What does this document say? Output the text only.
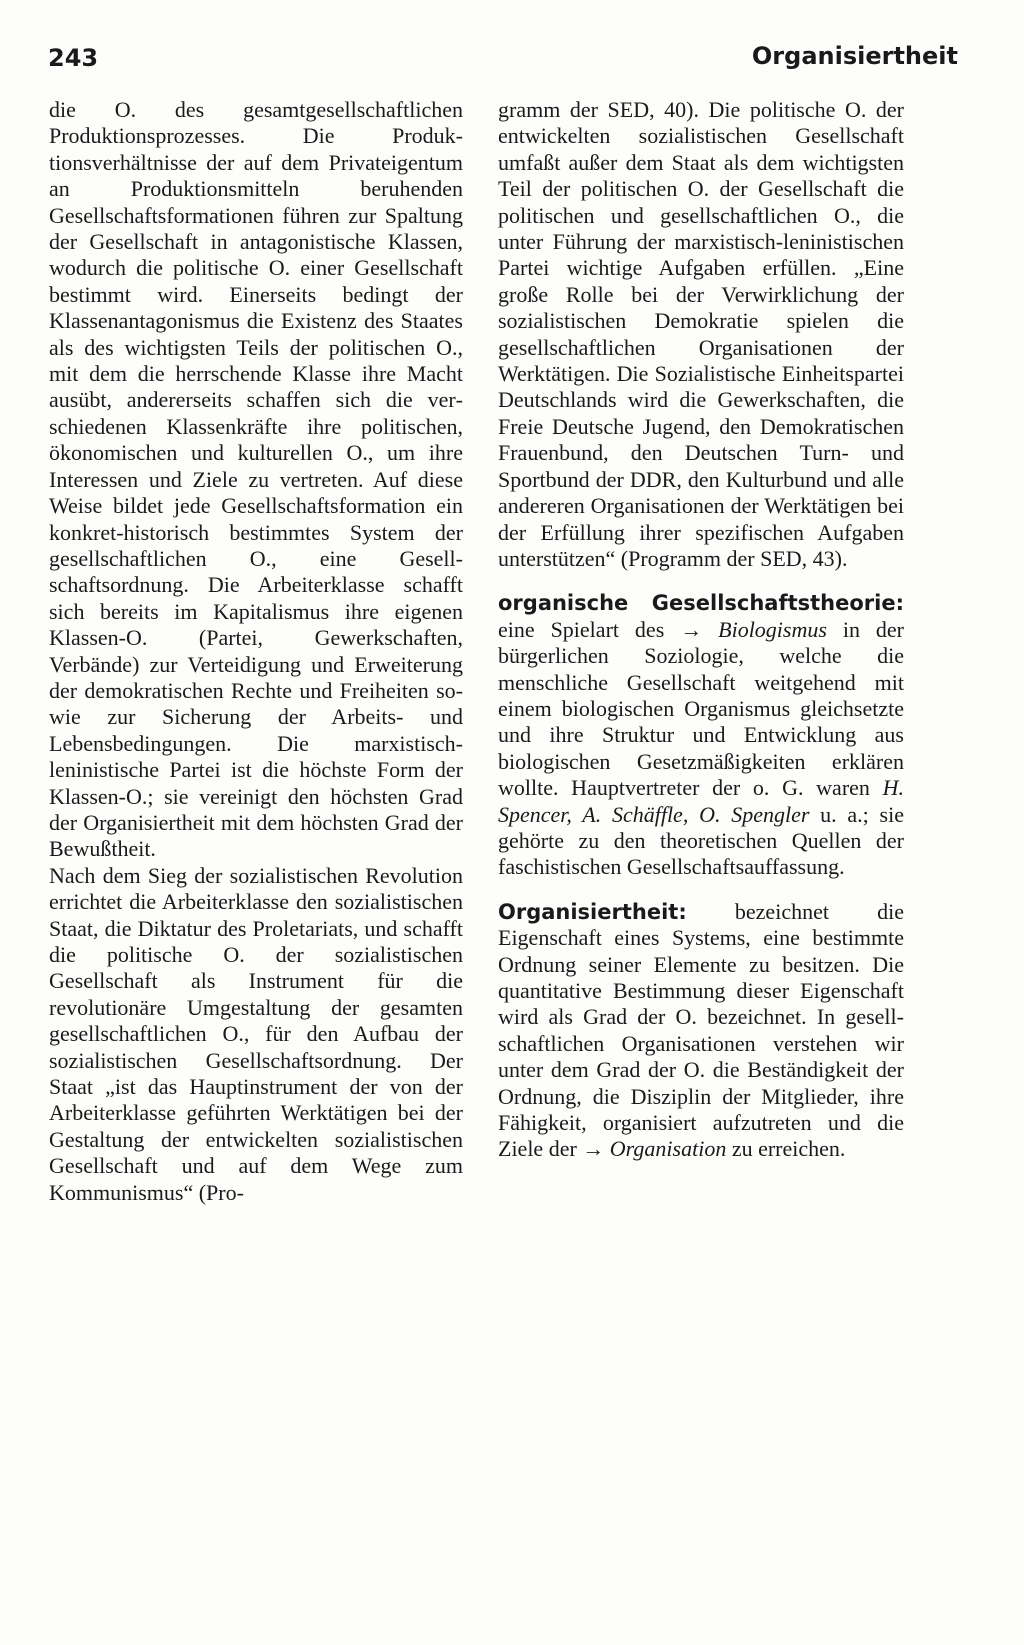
243	Organisiertheit

die O. des gesamtgesellschaftlichen Produktionsprozesses. Die Produktionsverhältnisse der auf dem Privateigentum an Produktionsmitteln beruhenden Gesellschaftsformationen führen zur Spaltung der Gesellschaft in antagonistische Klassen, wodurch die politische O. einer Gesellschaft bestimmt wird. Einerseits bedingt der Klassenantagonismus die Existenz des Staates als des wichtigsten Teils der politischen O., mit dem die herrschende Klasse ihre Macht ausübt, andererseits schaffen sich die verschiedenen Klassenkräfte ihre politischen, ökonomischen und kulturellen O., um ihre Interessen und Ziele zu vertreten. Auf diese Weise bildet jede Gesellschaftsformation ein konkret-historisch bestimmtes System der gesellschaftlichen O., eine Gesellschaftsordnung. Die Arbeiterklasse schafft sich bereits im Kapitalismus ihre eigenen Klassen-O. (Partei, Gewerkschaften, Verbände) zur Verteidigung und Erweiterung der demokratischen Rechte und Freiheiten sowie zur Sicherung der Arbeits- und Lebensbedingungen. Die marxistisch-leninistische Partei ist die höchste Form der Klassen-O.; sie vereinigt den höchsten Grad der Organisiertheit mit dem höchsten Grad der Bewußtheit.

Nach dem Sieg der sozialistischen Revolution errichtet die Arbeiterklasse den sozialistischen Staat, die Diktatur des Proletariats, und schafft die politische O. der sozialistischen Gesellschaft als Instrument für die revolutionäre Umgestaltung der gesamten gesellschaftlichen O., für den Aufbau der sozialistischen Gesellschaftsordnung. Der Staat „ist das Hauptinstrument der von der Arbeiterklasse geführten Werktätigen bei der Gestaltung der entwickelten sozialistischen Gesellschaft und auf dem Wege zum Kommunismus“ (Pro-

gramm der SED, 40). Die politische O. der entwickelten sozialistischen Gesellschaft umfaßt außer dem Staat als dem wichtigsten Teil der politischen O. der Gesellschaft die politischen und gesellschaftlichen O., die unter Führung der marxistisch-leninistischen Partei wichtige Aufgaben erfüllen. „Eine große Rolle bei der Verwirklichung der sozialistischen Demokratie spielen die gesellschaftlichen Organisationen der Werktätigen. Die Sozialistische Einheitspartei Deutschlands wird die Gewerkschaften, die Freie Deutsche Jugend, den Demokratischen Frauenbund, den Deutschen Turn- und Sportbund der DDR, den Kulturbund und alle andereren Organisationen der Werktätigen bei der Erfüllung ihrer spezifischen Aufgaben unterstützen“ (Programm der SED, 43).

organische Gesellschaftstheorie: eine Spielart des → Biologismus in der bürgerlichen Soziologie, welche die menschliche Gesellschaft weitgehend mit einem biologischen Organismus gleichsetzte und ihre Struktur und Entwicklung aus biologischen Gesetzmäßigkeiten erklären wollte. Hauptvertreter der o. G. waren H. Spencer, A. Schäffle, O. Spengler u. a.; sie gehörte zu den theoretischen Quellen der faschistischen Gesellschaftsauffassung.

Organisiertheit: bezeichnet die Eigenschaft eines Systems, eine bestimmte Ordnung seiner Elemente zu besitzen. Die quantitative Bestimmung dieser Eigenschaft wird als Grad der O. bezeichnet. In gesellschaftlichen Organisationen verstehen wir unter dem Grad der O. die Beständigkeit der Ordnung, die Disziplin der Mitglieder, ihre Fähigkeit, organisiert aufzutreten und die Ziele der → Organisation zu erreichen.
